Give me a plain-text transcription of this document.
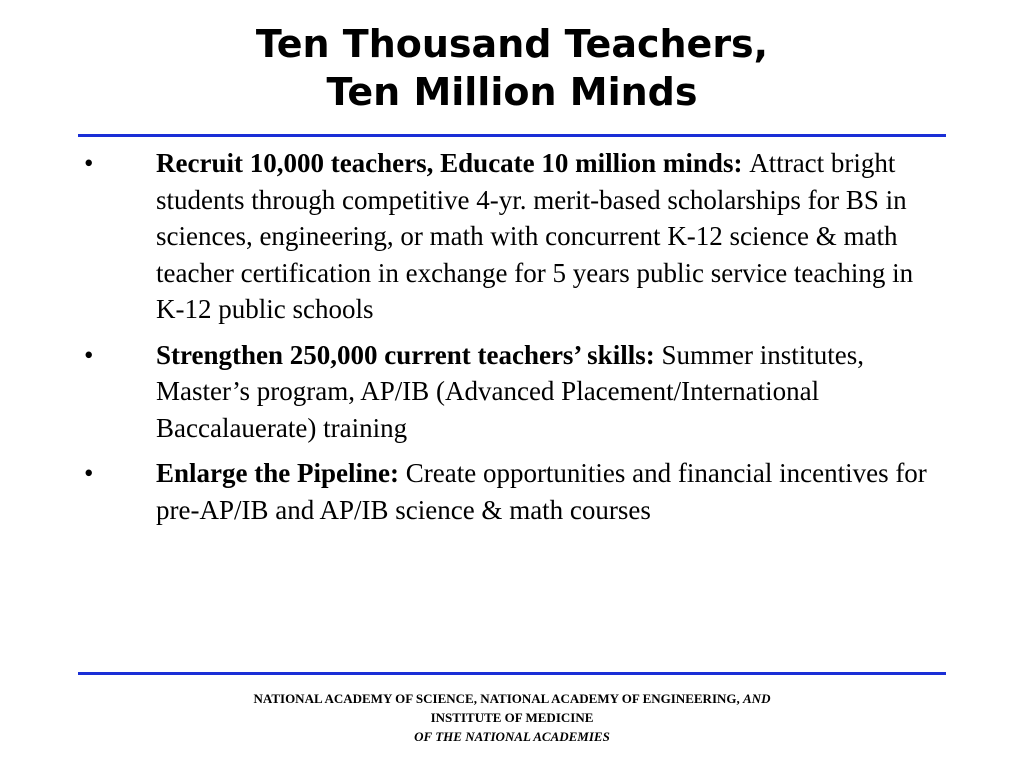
Ten Thousand Teachers,
Ten Million Minds
•	Recruit 10,000 teachers, Educate 10 million minds: Attract bright students through competitive 4-yr. merit-based scholarships for BS in sciences, engineering, or math with concurrent K-12 science & math teacher certification in exchange for 5 years public service teaching in K-12 public schools
•	Strengthen 250,000 current teachers’ skills: Summer institutes, Master’s program, AP/IB (Advanced Placement/International Baccalauerate) training
•	Enlarge the Pipeline: Create opportunities and financial incentives for pre-AP/IB and AP/IB science & math courses
NATIONAL ACADEMY OF SCIENCE, NATIONAL ACADEMY OF ENGINEERING, AND
INSTITUTE OF MEDICINE
OF THE NATIONAL ACADEMIES
